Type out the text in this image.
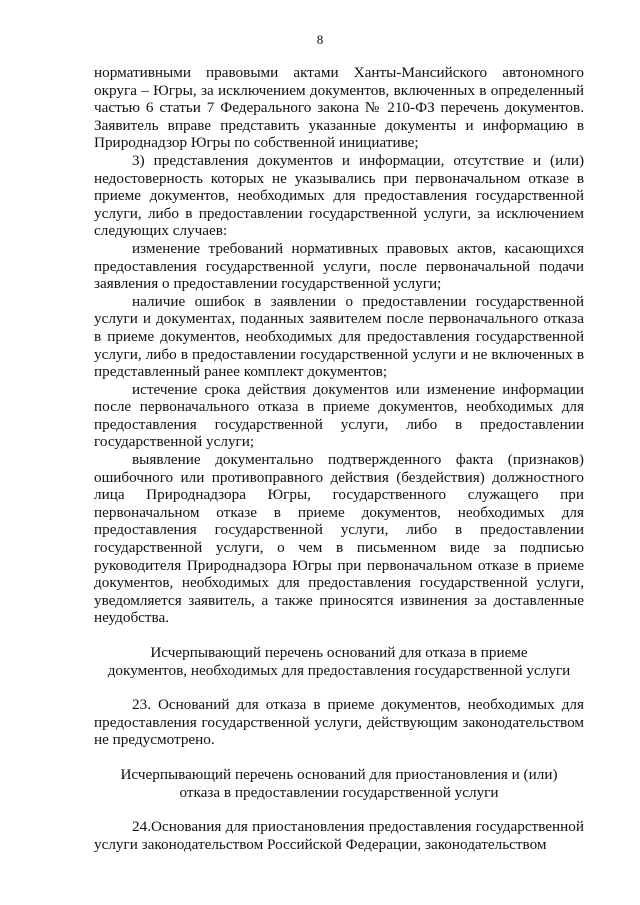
8

нормативными правовыми актами Ханты-Мансийского автономного округа – Югры, за исключением документов, включенных в определенный частью 6 статьи 7 Федерального закона № 210-ФЗ перечень документов. Заявитель вправе представить указанные документы и информацию в Природнадзор Югры по собственной инициативе;

3) представления документов и информации, отсутствие и (или) недостоверность которых не указывались при первоначальном отказе в приеме документов, необходимых для предоставления государственной услуги, либо в предоставлении государственной услуги, за исключением следующих случаев:

изменение требований нормативных правовых актов, касающихся предоставления государственной услуги, после первоначальной подачи заявления о предоставлении государственной услуги;

наличие ошибок в заявлении о предоставлении государственной услуги и документах, поданных заявителем после первоначального отказа в приеме документов, необходимых для предоставления государственной услуги, либо в предоставлении государственной услуги и не включенных в представленный ранее комплект документов;

истечение срока действия документов или изменение информации после первоначального отказа в приеме документов, необходимых для предоставления государственной услуги, либо в предоставлении государственной услуги;

выявление документально подтвержденного факта (признаков) ошибочного или противоправного действия (бездействия) должностного лица Природнадзора Югры, государственного служащего при первоначальном отказе в приеме документов, необходимых для предоставления государственной услуги, либо в предоставлении государственной услуги, о чем в письменном виде за подписью руководителя Природнадзора Югры при первоначальном отказе в приеме документов, необходимых для предоставления государственной услуги, уведомляется заявитель, а также приносятся извинения за доставленные неудобства.

Исчерпывающий перечень оснований для отказа в приеме

документов, необходимых для предоставления государственной услуги

23. Оснований для отказа в приеме документов, необходимых для предоставления государственной услуги, действующим законодательством не предусмотрено.

Исчерпывающий перечень оснований для приостановления и (или)

отказа в предоставлении государственной услуги

24.Основания для приостановления предоставления государственной услуги законодательством Российской Федерации, законодательством
